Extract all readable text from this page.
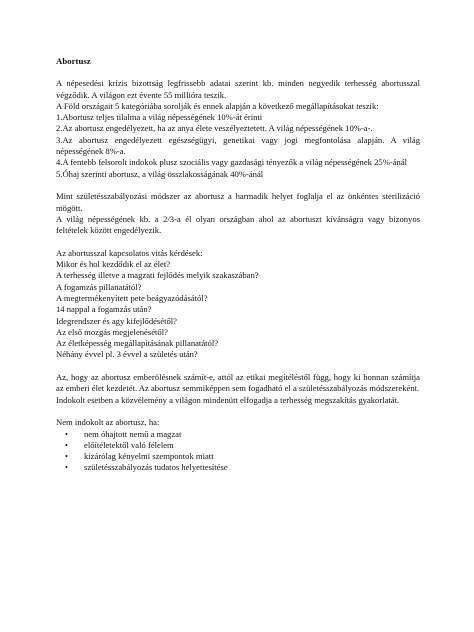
Abortusz
A népesedési krízis bizottság legfrissebb adatai szerint kb. minden negyedik terhesség abortusszal végződik. A világon ezt évente 55 millióra teszik.
A Föld országait 5 kategóriába sorolják és ennek alapján a következő megállapításokat teszik:
1.Abortusz teljes tilalma a világ népességének 10%-át érinti
2.Az abortusz engedélyezett, ha az anya élete veszélyeztetett. A világ népességének 10%-a-.
3.Az abortusz engedélyezett egészségügyi, genetikai vagy jogi megfontolása alapján. A világ népességének 8%-a.
4.A fentebb felsorolt indokok plusz szociális vagy gazdasági tényezők a világ népességének 25%-ánál
5.Óhaj szerinti abortusz, a világ összlakosságának 40%-ánál
Mint születésszabályozási módszer az abortusz a harmadik helyet foglalja el az önkéntes sterilizáció mögött.
A világ népességének kb. a 2/3-a él olyan országban ahol az abortuszt kívánságra vagy bizonyos feltételek között engedélyezik.
Az abortusszal kapcsolatos vitás kérdések:
Mikor és hol kezdődik el az élet?
A terhesség illetve a magzati fejlődés melyik szakaszában?
A fogamzás pillanatától?
A megtermékenyített pete beágyazódásától?
14 nappal a fogamzás után?
Idegrendszer és agy kifejlődésétől?
Az első mozgás megjelenésétől?
Az életképesség megállapításának pillanatától?
Néhány évvel pl. 3 évvel a születés után?
Az, hogy az abortusz emberölésnek számít-e, attól az etikai megítéléstől függ, hogy ki honnan számítja az emberi élet kezdetét. Az abortusz semmiképpen sem fogadható el a születésszabályozás módszereként.
Indokolt esetben a közvélemény a világon mindenütt elfogadja a terhesség megszakítás gyakorlatát.
Nem indokolt az abortusz, ha:
• nem óhajtott nemű a magzat
• előítéletektől való félelem
• kizárólag kényelmi szempontok miatt
• születésszabályozás tudatos helyettesítése
